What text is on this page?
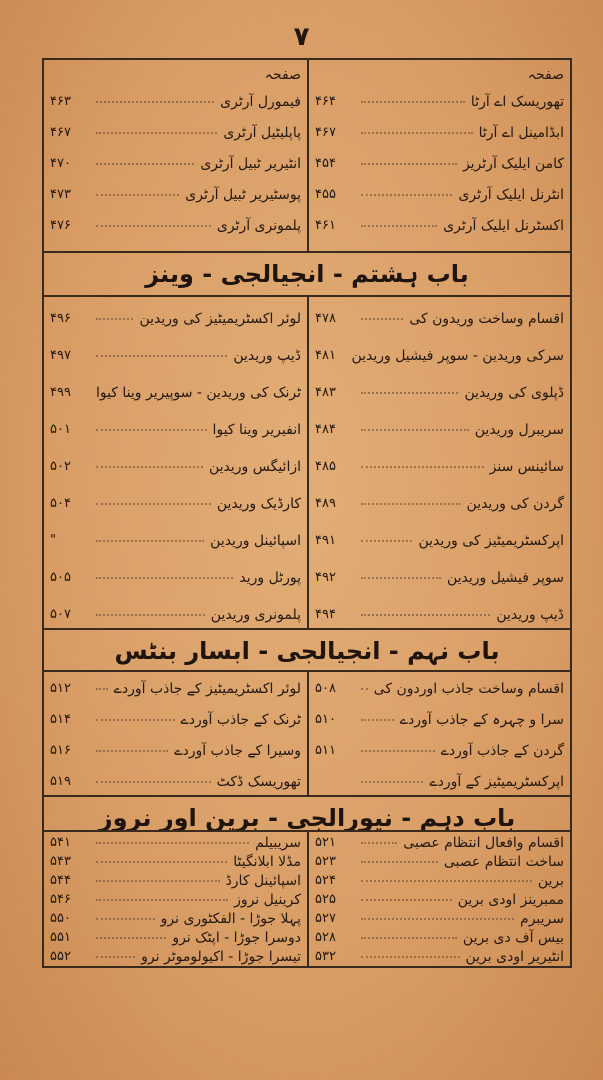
۷
صفحہ
تھوریسک اے آرٹا
۴۶۴
ابڈامینل اے آرٹا
۴۶۷
کامن ایلیک آرٹریز
۴۵۴
انٹرنل ایلیک آرٹری
۴۵۵
اکسٹرنل ایلیک آرٹری
۴۶۱
صفحہ
فیمورل آرٹری
۴۶۳
پاپلیٹیل آرٹری
۴۶۷
انٹیریر ٹبیل آرٹری
۴۷۰
پوسٹیریر ٹبیل آرٹری
۴۷۳
پلمونری آرٹری
۴۷۶
باب ہشتم - انجیالجی - وینز
اقسام وساخت وریدون کی
۴۷۸
سرکی وریدین - سوپر فیشیل وریدین
۴۸۱
ڈپلوی کی وریدین
۴۸۳
سریبرل وریدین
۴۸۴
سائینس سنز
۴۸۵
گردن کی وریدین
۴۸۹
اپرکسٹریمیٹیز کی وریدین
۴۹۱
سوپر فیشیل وریدین
۴۹۲
ڈیپ وریدین
۴۹۴
لوئر اکسٹریمیٹیز کی وریدین
۴۹۶
ڈیپ وریدین
۴۹۷
ٹرنک کی وریدین - سوپیریر وینا کیوا
۴۹۹
انفیریر وینا کیوا
۵۰۱
ازائیگس وریدین
۵۰۲
کارڈیک وریدین
۵۰۴
اسپائینل وریدین
"
پورٹل ورید
۵۰۵
پلمونری وریدین
۵۰۷
باب نہم - انجیالجی - ابسار بنٹس
اقسام وساخت جاذب اوردون کی
۵۰۸
سرا و چہرہ کے جاذب آوردے
۵۱۰
گردن کے جاذب آوردے
۵۱۱
اپرکسٹریمیٹیز کے آوردے
لوئر اکسٹریمیٹیز کے جاذب آوردے
۵۱۲
ٹرنک کے جاذب آوردے
۵۱۴
وسیرا کے جاذب آوردے
۵۱۶
تھوریسک ڈکٹ
۵۱۹
باب دہم - نیورالجی - برین اور نروز
اقسام وافعال انتظام عصبی
۵۲۱
ساخت انتظام عصبی
۵۲۳
برین
۵۲۴
ممبرینز اودی برین
۵۲۵
سریبرم
۵۲۷
بیس آف دی برین
۵۲۸
انٹیریر اودی برین
۵۳۲
سریبیلم
۵۴۱
مڈلا ابلانگیٹا
۵۴۳
اسپائینل کارڈ
۵۴۴
کرینیل نروز
۵۴۶
پہلا جوڑا - الفکٹوری نرو
۵۵۰
دوسرا جوڑا - اپٹک نرو
۵۵۱
تیسرا جوڑا - اکیولوموٹر نرو
۵۵۲
